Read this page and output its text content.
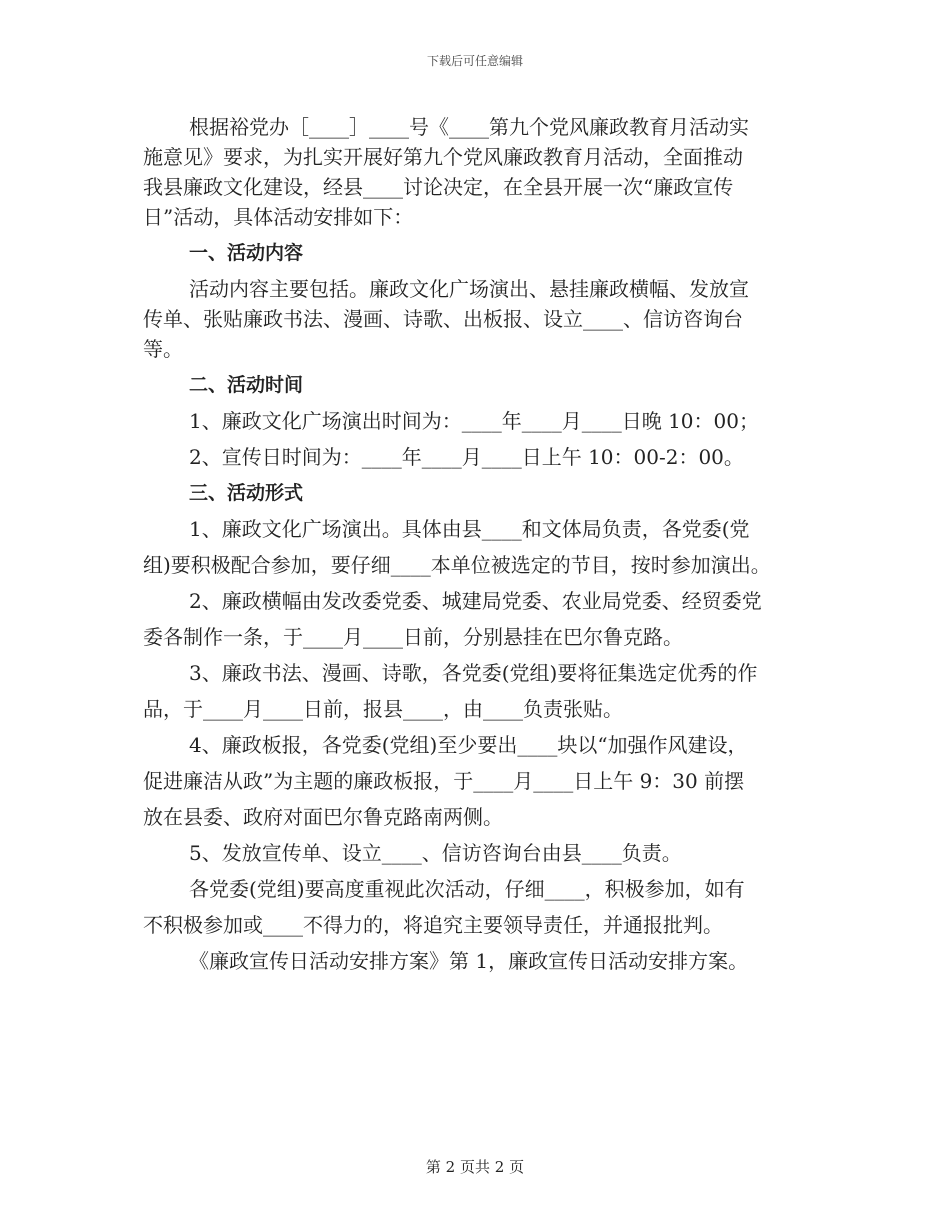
下载后可任意编辑

根据裕党办［____］____号《____第九个党风廉政教育月活动实

施意见》要求，为扎实开展好第九个党风廉政教育月活动，全面推动

我县廉政文化建设，经县____讨论决定，在全县开展一次“廉政宣传

日”活动，具体活动安排如下：

一、活动内容

活动内容主要包括。廉政文化广场演出、悬挂廉政横幅、发放宣

传单、张贴廉政书法、漫画、诗歌、出板报、设立____、信访咨询台

等。

二、活动时间

1、廉政文化广场演出时间为：____年____月____日晚 10：00；

2、宣传日时间为：____年____月____日上午 10：00-2：00。

三、活动形式

1、廉政文化广场演出。具体由县____和文体局负责，各党委(党

组)要积极配合参加，要仔细____本单位被选定的节目，按时参加演出。

2、廉政横幅由发改委党委、城建局党委、农业局党委、经贸委党

委各制作一条，于____月____日前，分别悬挂在巴尔鲁克路。

3、廉政书法、漫画、诗歌，各党委(党组)要将征集选定优秀的作

品，于____月____日前，报县____，由____负责张贴。

4、廉政板报，各党委(党组)至少要出____块以“加强作风建设，

促进廉洁从政”为主题的廉政板报，于____月____日上午 9：30 前摆

放在县委、政府对面巴尔鲁克路南两侧。

5、发放宣传单、设立____、信访咨询台由县____负责。

各党委(党组)要高度重视此次活动，仔细____，积极参加，如有

不积极参加或____不得力的，将追究主要领导责任，并通报批判。

《廉政宣传日活动安排方案》第 1，廉政宣传日活动安排方案。

第 2 页共 2 页
